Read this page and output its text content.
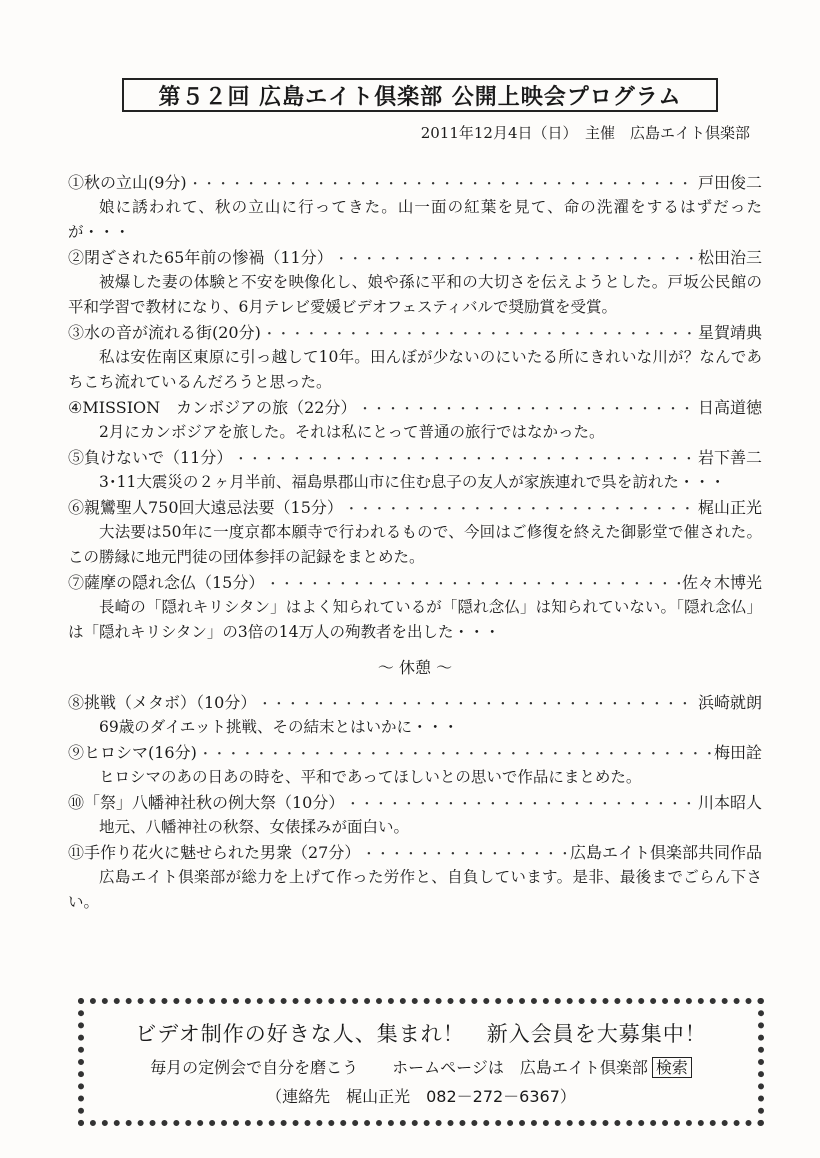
第５２回 広島エイト倶楽部 公開上映会プログラム
2011年12月4日（日）　主催　広島エイト倶楽部
①秋の立山(9分) ・・・・・・・・・・・・・・・・・・・・・・・・・・・・・・・・・・・・・・・・・・・・・・・・・・・・・・	戸田俊二

娘に誘われて、秋の立山に行ってきた。山一面の紅葉を見て、命の洗濯をするはずだったが・・・

②閉ざされた65年前の惨禍（11分） ・・・・・・・・・・・・・・・・・・・・・・・・・・・・・・・・・・・・・・・・・・・・・・・・・・・・・・	松田治三

被爆した妻の体験と不安を映像化し、娘や孫に平和の大切さを伝えようとした。戸坂公民館の平和学習で教材になり、6月テレビ愛媛ビデオフェスティバルで奨励賞を受賞。

③水の音が流れる街(20分) ・・・・・・・・・・・・・・・・・・・・・・・・・・・・・・・・・・・・・・・・・・・・・・・・・・・・・・	星賀靖典

私は安佐南区東原に引っ越して10年。田んぼが少ないのにいたる所にきれいな川が？なんであちこち流れているんだろうと思った。

④MISSION　カンボジアの旅（22分） ・・・・・・・・・・・・・・・・・・・・・・・・・・・・・・・・・・・・・・・・・・・・・・・・・・・・・・	日高道徳

2月にカンボジアを旅した。それは私にとって普通の旅行ではなかった。

⑤負けないで（11分） ・・・・・・・・・・・・・・・・・・・・・・・・・・・・・・・・・・・・・・・・・・・・・・・・・・・・・・	岩下善二

3･11大震災の２ヶ月半前、福島県郡山市に住む息子の友人が家族連れで呉を訪れた・・・

⑥親鸞聖人750回大遠忌法要（15分） ・・・・・・・・・・・・・・・・・・・・・・・・・・・・・・・・・・・・・・・・・・・・・・・・・・・・・・	梶山正光

大法要は50年に一度京都本願寺で行われるもので、今回はご修復を終えた御影堂で催された。この勝縁に地元門徒の団体参拝の記録をまとめた。

⑦薩摩の隠れ念仏（15分） ・・・・・・・・・・・・・・・・・・・・・・・・・・・・・・・・・・・・・・・・・・・・・・・・・・・・・・	佐々木博光

長崎の「隠れキリシタン」はよく知られているが「隠れ念仏」は知られていない。「隠れ念仏」は「隠れキリシタン」の3倍の14万人の殉教者を出した・・・

～ 休憩 ～
⑧挑戦（メタボ）（10分） ・・・・・・・・・・・・・・・・・・・・・・・・・・・・・・・・・・・・・・・・・・・・・・・・・・・・・・	浜崎就朗

69歳のダイエット挑戦、その結末とはいかに・・・

⑨ヒロシマ(16分) ・・・・・・・・・・・・・・・・・・・・・・・・・・・・・・・・・・・・・・・・・・・・・・・・・・・・・・	梅田詮

ヒロシマのあの日あの時を、平和であってほしいとの思いで作品にまとめた。

⑩「祭」八幡神社秋の例大祭（10分） ・・・・・・・・・・・・・・・・・・・・・・・・・・・・・・・・・・・・・・・・・・・・・・・・・・・・・・	川本昭人

地元、八幡神社の秋祭、女俵揉みが面白い。

⑪手作り花火に魅せられた男衆（27分） ・・・・・・・・・・・・・・・・・・・・・・・・・・・・・・・・・・・・・・・・・・・・・・・・・・・・・・	広島エイト倶楽部共同作品

広島エイト倶楽部が総力を上げて作った労作と、自負しています。是非、最後までごらん下さい。

ビデオ制作の好きな人、集まれ！　新入会員を大募集中！
毎月の定例会で自分を磨こう ホームページは　広島エイト倶楽部 検索
（連絡先　梶山正光　082－272－6367）
